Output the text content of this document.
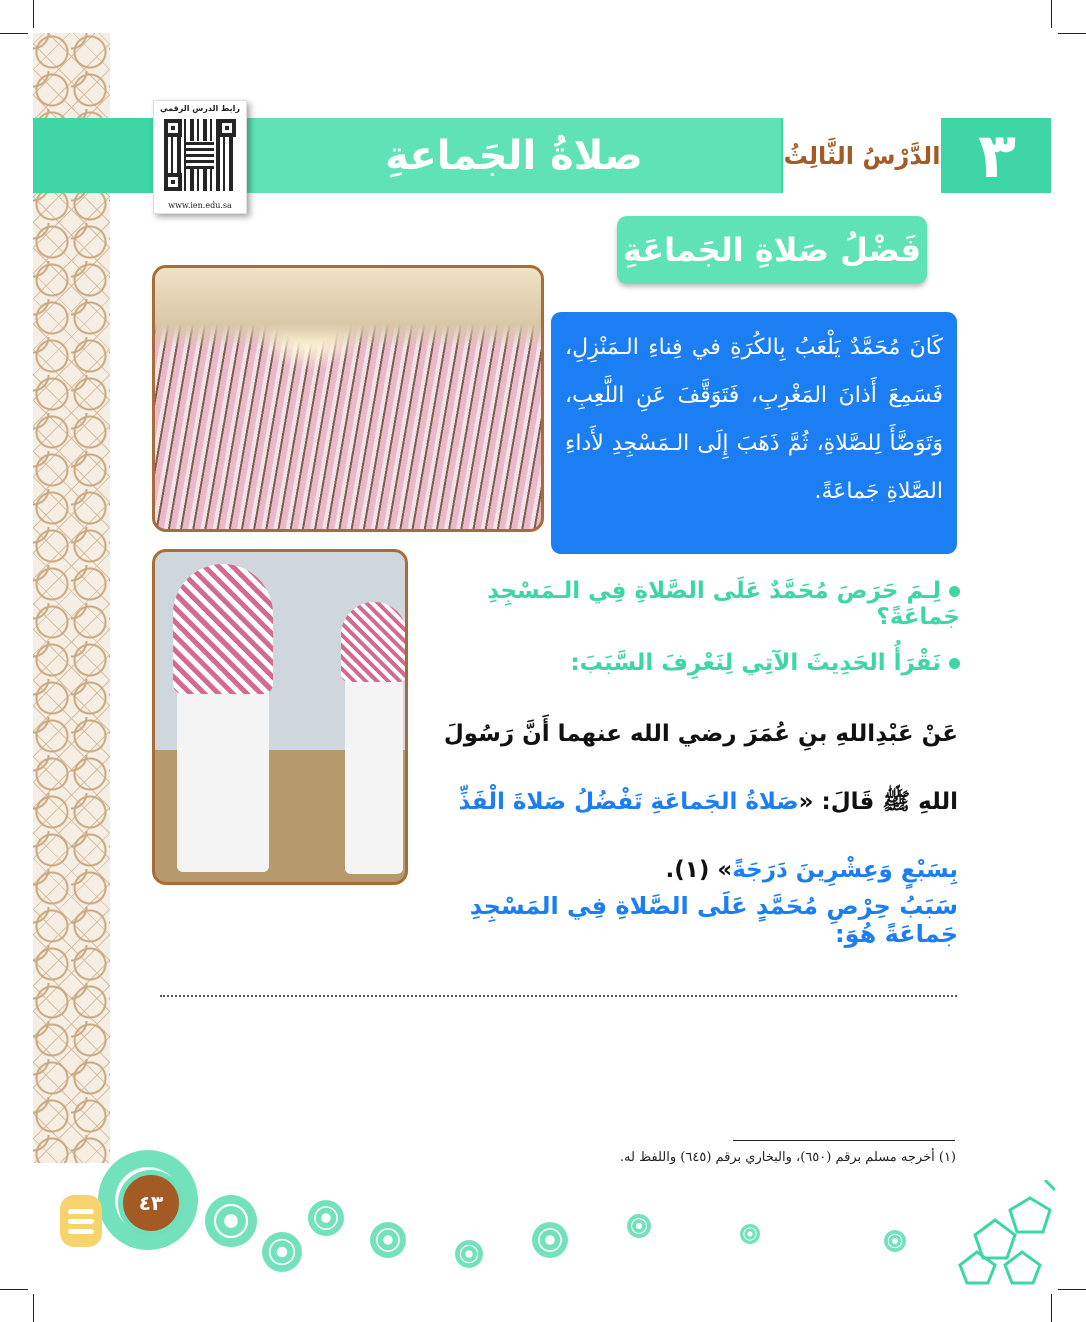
صلاةُ الجَماعةِ	الدَّرْسُ الثَّالِثُ ٣
رابط الدرس الرقمي
www.ien.edu.sa
فَضْلُ صَلاةِ الجَماعَةِ
كَانَ مُحَمَّدٌ يَلْعَبُ بِالكُرَةِ في فِناءِ الـمَنْزِلِ، فَسَمِعَ أَذانَ المَغْرِبِ، فَتَوَقَّفَ عَنِ اللَّعِبِ، وَتَوَضَّأَ لِلصَّلاةِ، ثُمَّ ذَهَبَ إِلَى الـمَسْجِدِ لأَداءِ الصَّلاةِ جَماعَةً.
لِـمَ حَرَصَ مُحَمَّدٌ عَلَى الصَّلاةِ فِي الـمَسْجِدِ جَماعَةً؟
نَقْرَأُ الحَدِيثَ الآتِي لِنَعْرِفَ السَّبَبَ:
عَنْ عَبْدِاللهِ بنِ عُمَرَ رضي الله عنهما أَنَّ رَسُولَ اللهِ ﷺ قَالَ: «صَلاةُ الجَماعَةِ تَفْضُلُ صَلاةَ الْفَذِّ بِسَبْعٍ وَعِشْرِينَ دَرَجَةً» (١).
سَبَبُ حِرْصِ مُحَمَّدٍ عَلَى الصَّلاةِ فِي المَسْجِدِ جَماعَةً هُوَ:
(١) أخرجه مسلم برقم (٦٥٠)، والبخاري برقم (٦٤٥) واللفظ له.
٤٣
